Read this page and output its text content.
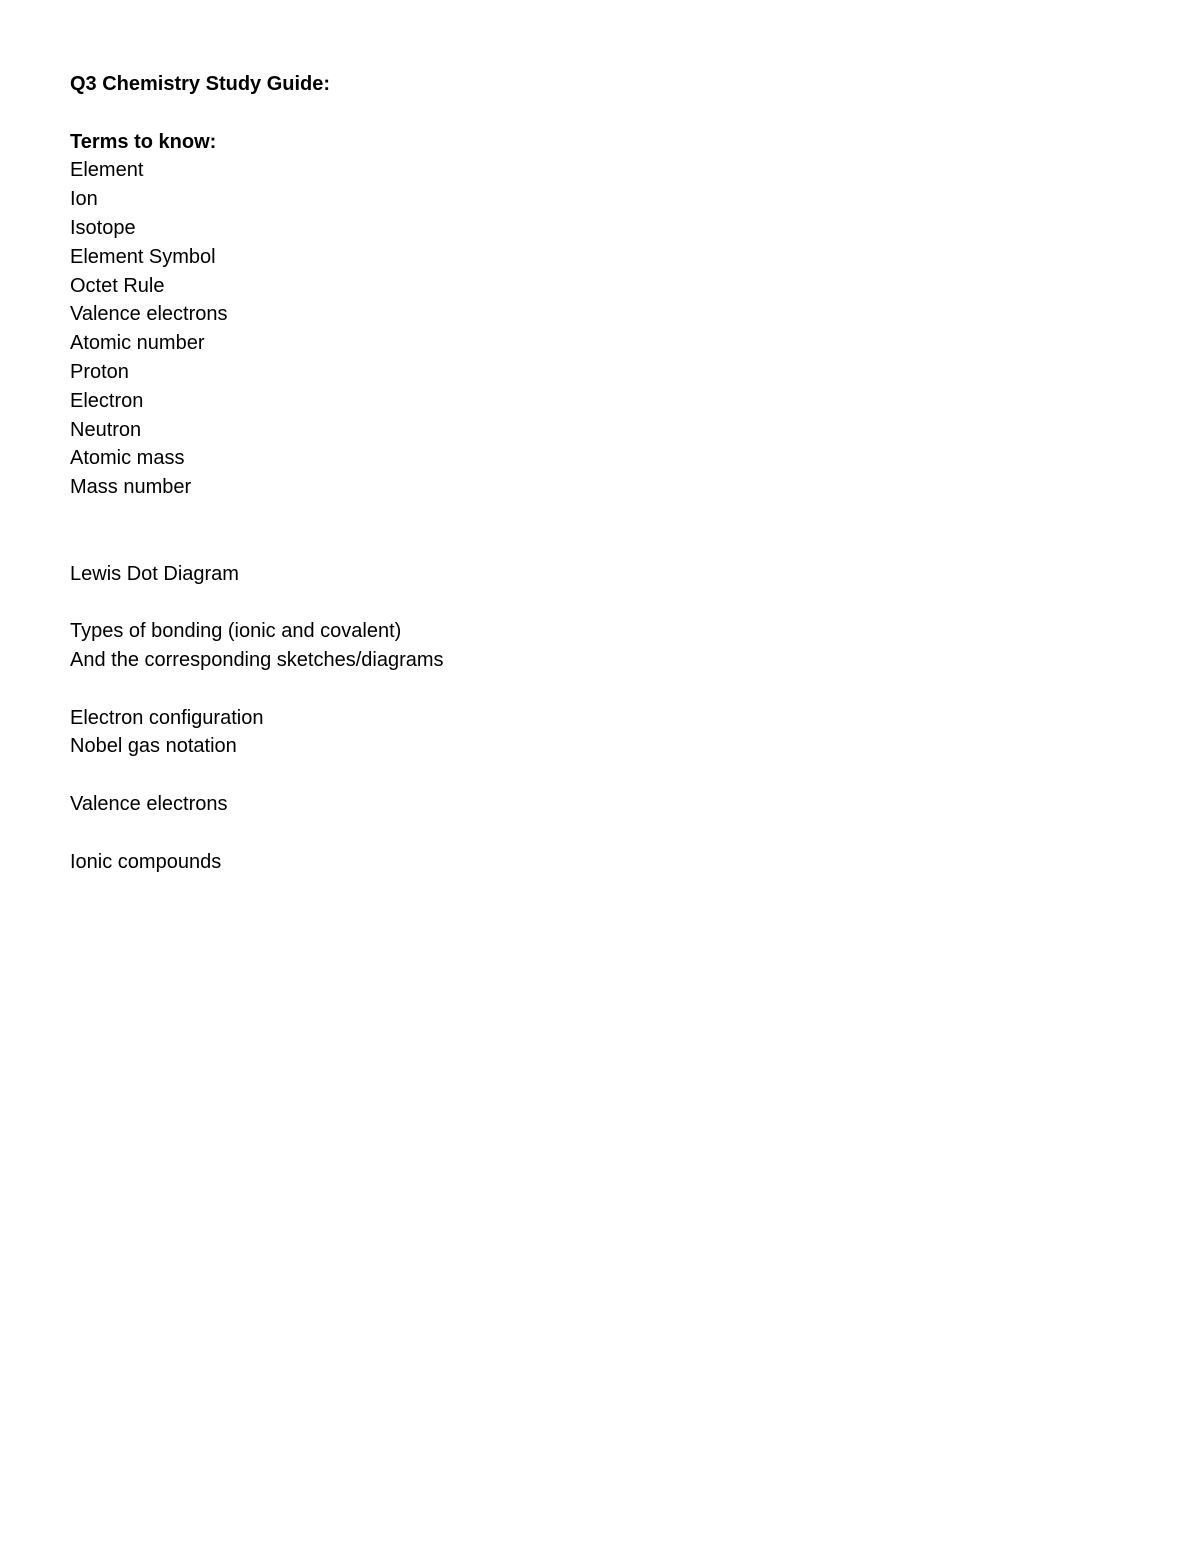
Q3 Chemistry Study Guide:
Terms to know:
Element
Ion
Isotope
Element Symbol
Octet Rule
Valence electrons
Atomic number
Proton
Electron
Neutron
Atomic mass
Mass number
Lewis Dot Diagram
Types of bonding (ionic and covalent)
And the corresponding sketches/diagrams
Electron configuration
Nobel gas notation
Valence electrons
Ionic compounds
